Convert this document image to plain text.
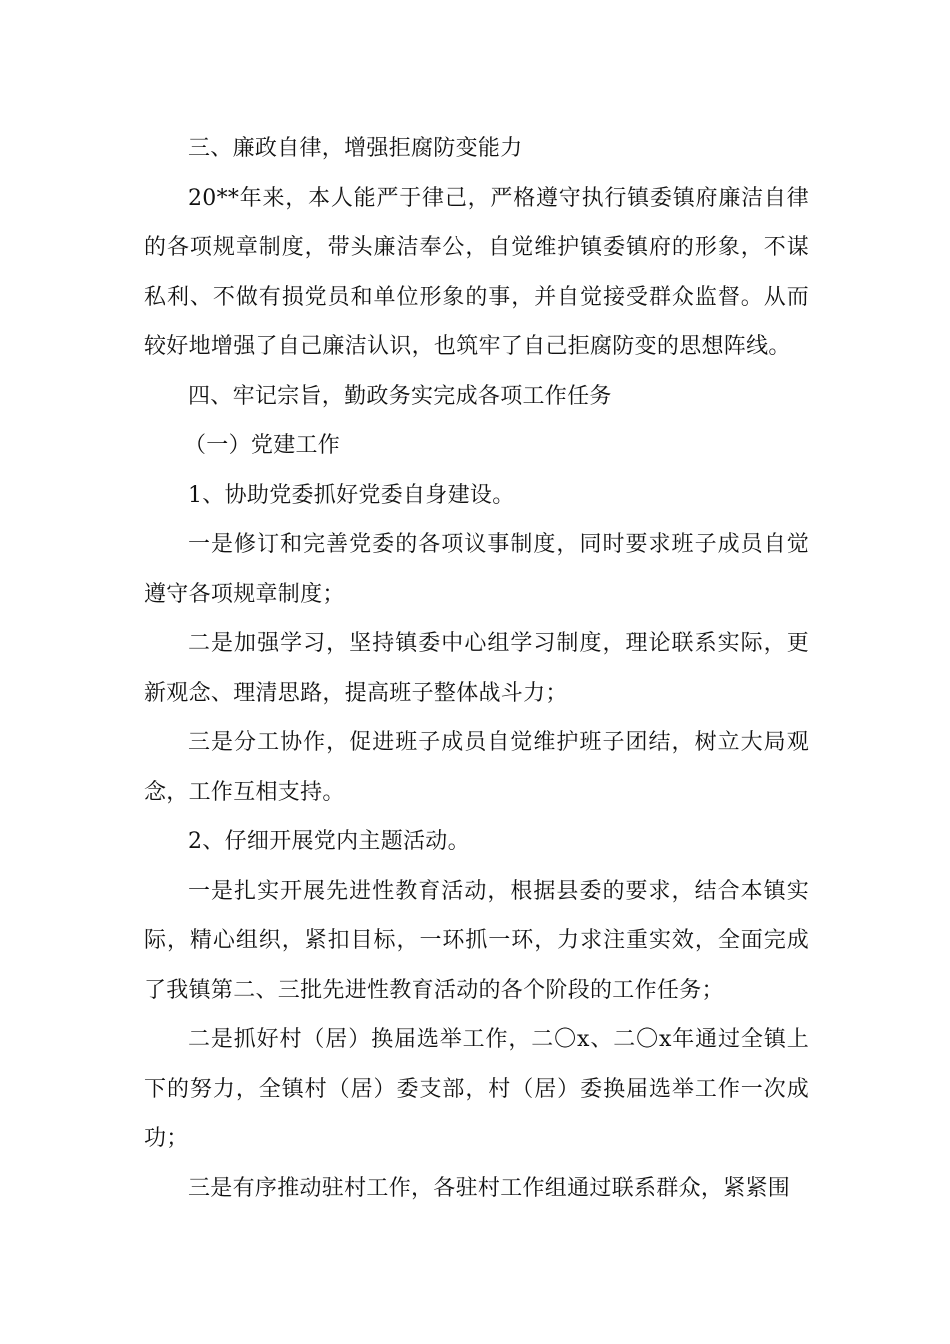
三、廉政自律，增强拒腐防变能力

20**年来，本人能严于律己，严格遵守执行镇委镇府廉洁自律的各项规章制度，带头廉洁奉公，自觉维护镇委镇府的形象，不谋私利、不做有损党员和单位形象的事，并自觉接受群众监督。从而较好地增强了自己廉洁认识，也筑牢了自己拒腐防变的思想阵线。

四、牢记宗旨，勤政务实完成各项工作任务

（一）党建工作

1、协助党委抓好党委自身建设。

一是修订和完善党委的各项议事制度，同时要求班子成员自觉遵守各项规章制度；

二是加强学习，坚持镇委中心组学习制度，理论联系实际，更新观念、理清思路，提高班子整体战斗力；

三是分工协作，促进班子成员自觉维护班子团结，树立大局观念，工作互相支持。

2、仔细开展党内主题活动。

一是扎实开展先进性教育活动，根据县委的要求，结合本镇实际，精心组织，紧扣目标，一环抓一环，力求注重实效，全面完成了我镇第二、三批先进性教育活动的各个阶段的工作任务；

二是抓好村（居）换届选举工作，二〇x、二〇x年通过全镇上下的努力，全镇村（居）委支部，村（居）委换届选举工作一次成功；

三是有序推动驻村工作，各驻村工作组通过联系群众，紧紧围
